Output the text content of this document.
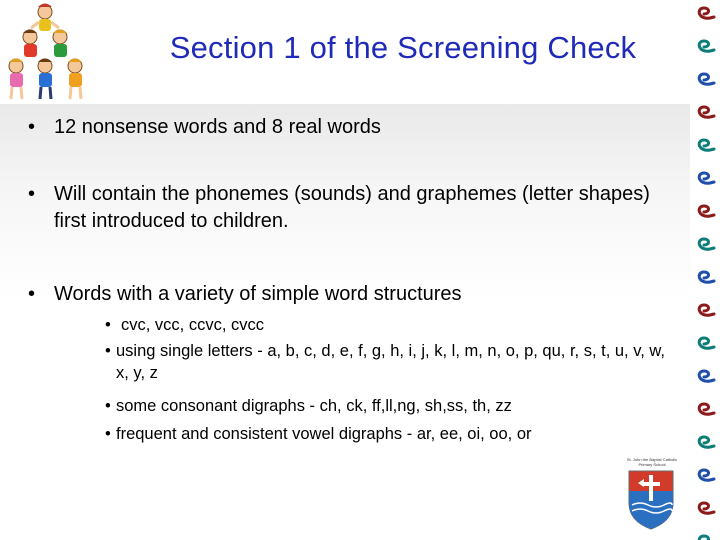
Section 1 of the Screening Check
• 12 nonsense words and 8 real words
• Will contain the phonemes (sounds) and graphemes (letter shapes) first introduced to children.
• Words with a variety of simple word structures
• cvc, vcc, ccvc, cvcc
• using single letters - a, b, c, d, e, f, g, h, i, j, k, l, m, n, o, p, qu, r, s, t, u, v, w, x, y, z
• some consonant digraphs - ch, ck, ff,ll,ng, sh,ss, th, zz
• frequent and consistent vowel digraphs - ar, ee, oi, oo, or
St. John the Baptist Catholic Primary School
